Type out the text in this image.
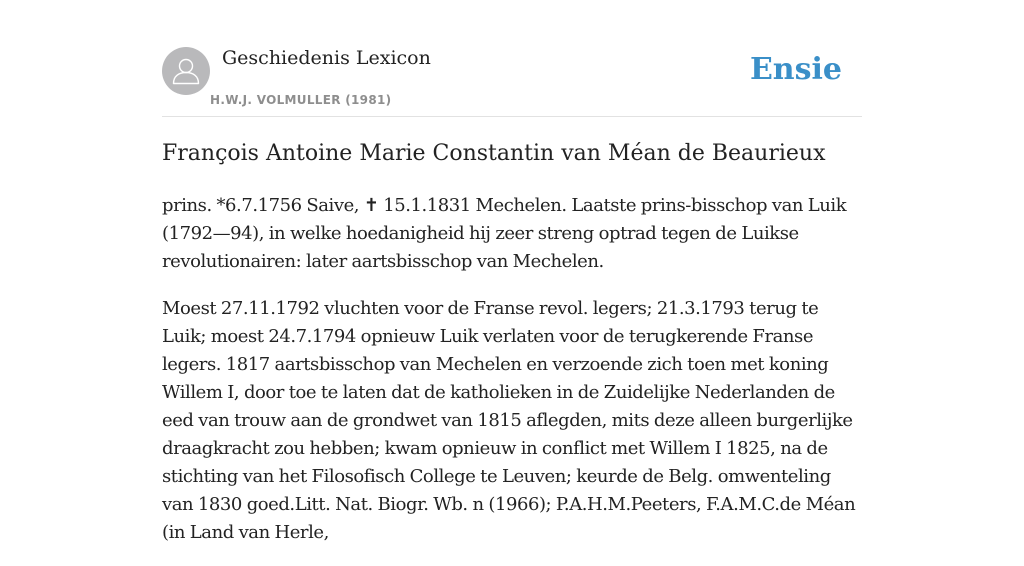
Geschiedenis Lexicon
H.W.J. VOLMULLER (1981)
Ensie
François Antoine Marie Constantin van Méan de Beaurieux

prins. *6.7.1756 Saive, ✝ 15.1.1831 Mechelen. Laatste prins-bisschop van Luik (1792—94), in welke hoedanigheid hij zeer streng optrad tegen de Luikse revolutionairen: later aartsbisschop van Mechelen.

Moest 27.11.1792 vluchten voor de Franse revol. legers; 21.3.1793 terug te Luik; moest 24.7.1794 opnieuw Luik verlaten voor de terugkerende Franse legers. 1817 aartsbisschop van Mechelen en verzoende zich toen met koning Willem I, door toe te laten dat de katholieken in de Zuidelijke Nederlanden de eed van trouw aan de grondwet van 1815 aflegden, mits deze alleen burgerlijke draagkracht zou hebben; kwam opnieuw in conflict met Willem I 1825, na de stichting van het Filosofisch College te Leuven; keurde de Belg. omwenteling van 1830 goed.Litt. Nat. Biogr. Wb. n (1966); P.A.H.M.Peeters, F.A.M.C.de Méan (in Land van Herle,
